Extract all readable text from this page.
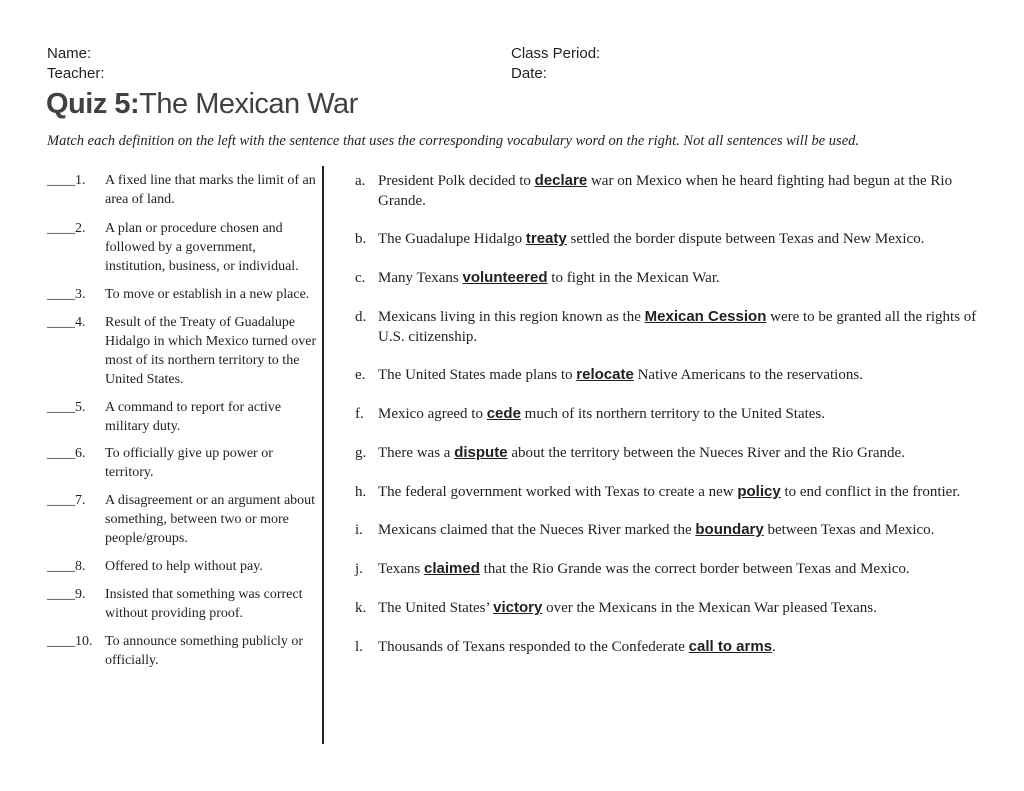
Name:
Teacher:
Class Period:
Date:
Quiz 5:The Mexican War
Match each definition on the left with the sentence that uses the corresponding vocabulary word on the right. Not all sentences will be used.
____1. A fixed line that marks the limit of an area of land.
____2. A plan or procedure chosen and followed by a government, institution, business, or individual.
____3. To move or establish in a new place.
____4. Result of the Treaty of Guadalupe Hidalgo in which Mexico turned over most of its northern territory to the United States.
____5. A command to report for active military duty.
____6. To officially give up power or territory.
____7. A disagreement or an argument about something, between two or more people/groups.
____8. Offered to help without pay.
____9. Insisted that something was correct without providing proof.
____10. To announce something publicly or officially.
a. President Polk decided to declare war on Mexico when he heard fighting had begun at the Rio Grande.
b. The Guadalupe Hidalgo treaty settled the border dispute between Texas and New Mexico.
c. Many Texans volunteered to fight in the Mexican War.
d. Mexicans living in this region known as the Mexican Cession were to be granted all the rights of U.S. citizenship.
e. The United States made plans to relocate Native Americans to the reservations.
f. Mexico agreed to cede much of its northern territory to the United States.
g. There was a dispute about the territory between the Nueces River and the Rio Grande.
h. The federal government worked with Texas to create a new policy to end conflict in the frontier.
i. Mexicans claimed that the Nueces River marked the boundary between Texas and Mexico.
j. Texans claimed that the Rio Grande was the correct border between Texas and Mexico.
k. The United States’ victory over the Mexicans in the Mexican War pleased Texans.
l. Thousands of Texans responded to the Confederate call to arms.
